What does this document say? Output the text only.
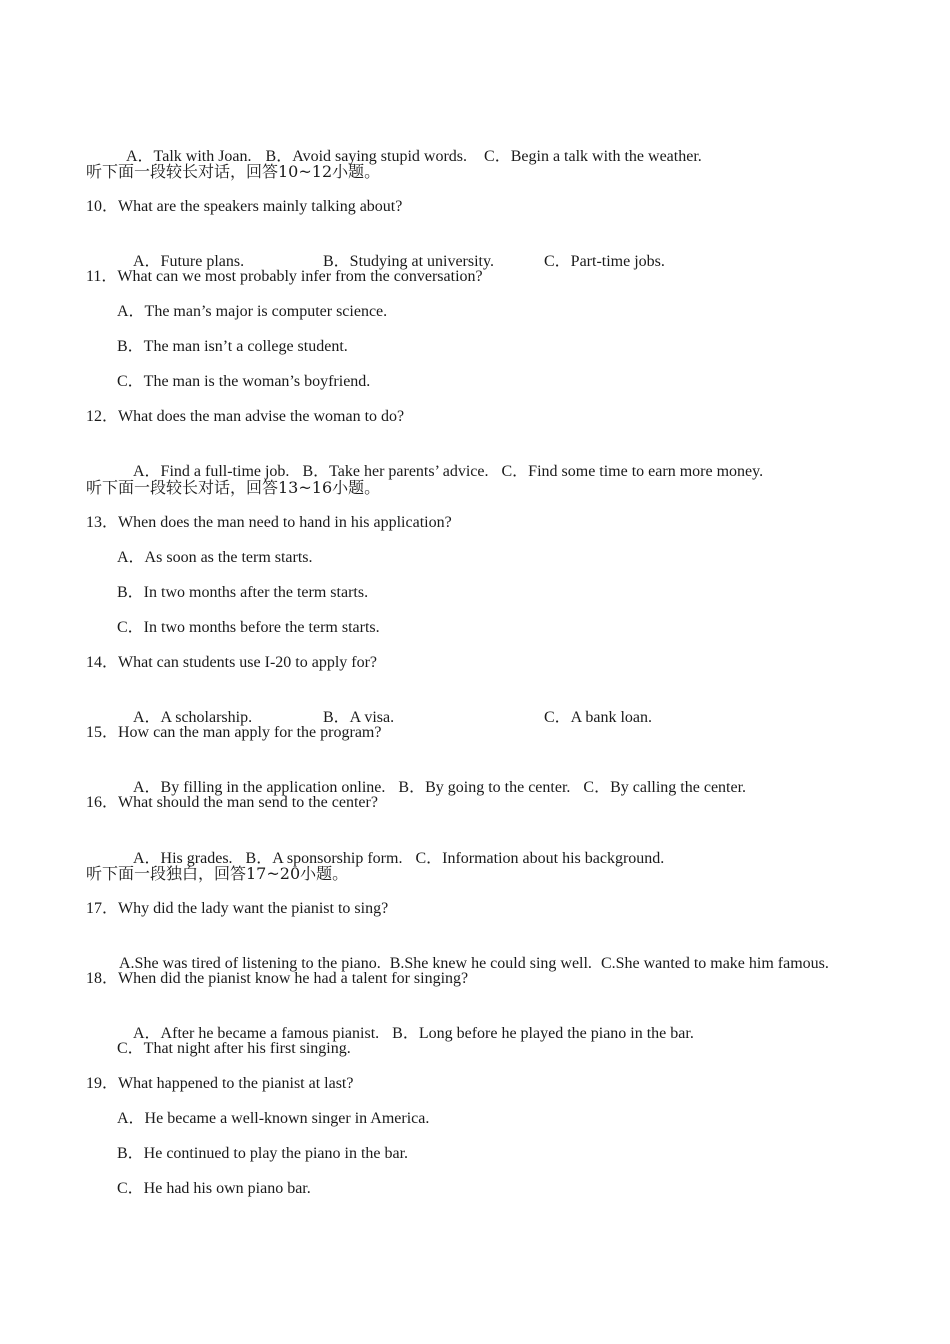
A．Talk with Joan. B．Avoid saying stupid words. C．Begin a talk with the weather.

听下面一段较长对话，回答10~12小题。
10．What are the speakers mainly talking about?

A．Future plans.	B．Studying at university.	C．Part-time jobs.

11．What can we most probably infer from the conversation?
A．The man’s major is computer science.
B．The man isn’t a college student.
C．The man is the woman’s boyfriend.
12．What does the man advise the woman to do?

A．Find a full-time job. B．Take her parents’ advice. C．Find some time to earn more money.

听下面一段较长对话，回答13~16小题。
13．When does the man need to hand in his application?
A．As soon as the term starts.
B．In two months after the term starts.
C．In two months before the term starts.
14．What can students use I-20 to apply for?

A．A scholarship.	B．A visa.	C．A bank loan.

15．How can the man apply for the program?

A．By filling in the application online. B．By going to the center. C．By calling the center.

16．What should the man send to the center?

A．His grades. B．A sponsorship form. C．Information about his background.

听下面一段独白，回答17~20小题。
17．Why did the lady want the pianist to sing?

A.She was tired of listening to the piano. B.She knew he could sing well. C.She wanted to make him famous.

18．When did the pianist know he had a talent for singing?

A．After he became a famous pianist. B．Long before he played the piano in the bar.

C．That night after his first singing.
19．What happened to the pianist at last?
A．He became a well-known singer in America.
B．He continued to play the piano in the bar.
C．He had his own piano bar.
